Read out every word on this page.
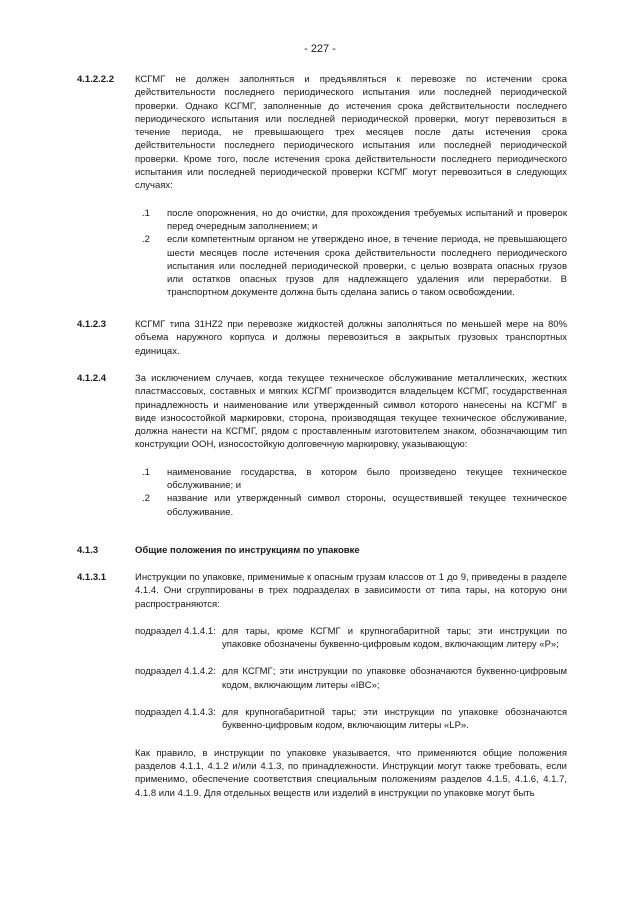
- 227 -
4.1.2.2.2 КСГМГ не должен заполняться и предъявляться к перевозке по истечении срока действительности последнего периодического испытания или последней периодической проверки. Однако КСГМГ, заполненные до истечения срока действительности последнего периодического испытания или последней периодической проверки, могут перевозиться в течение периода, не превышающего трех месяцев после даты истечения срока действительности последнего периодического испытания или последней периодической проверки. Кроме того, после истечения срока действительности последнего периодического испытания или последней периодической проверки КСГМГ могут перевозиться в следующих случаях:
.1 после опорожнения, но до очистки, для прохождения требуемых испытаний и проверок перед очередным заполнением; и
.2 если компетентным органом не утверждено иное, в течение периода, не превышающего шести месяцев после истечения срока действительности последнего периодического испытания или последней периодической проверки, с целью возврата опасных грузов или остатков опасных грузов для надлежащего удаления или переработки. В транспортном документе должна быть сделана запись о таком освобождении.
4.1.2.3	КСГМГ типа 31HZ2 при перевозке жидкостей должны заполняться по меньшей мере на 80% объема наружного корпуса и должны перевозиться в закрытых грузовых транспортных единицах.
4.1.2.4	За исключением случаев, когда текущее техническое обслуживание металлических, жестких пластмассовых, составных и мягких КСГМГ производится владельцем КСГМГ, государственная принадлежность и наименование или утвержденный символ которого нанесены на КСГМГ в виде износостойкой маркировки, сторона, производящая текущее техническое обслуживание, должна нанести на КСГМГ, рядом с проставленным изготовителем знаком, обозначающим тип конструкции ООН, износостойкую долговечную маркировку, указывающую:
.1 наименование государства, в котором было произведено текущее техническое обслуживание; и
.2 название или утвержденный символ стороны, осуществившей текущее техническое обслуживание.
4.1.3	Общие положения по инструкциям по упаковке
4.1.3.1	Инструкции по упаковке, применимые к опасным грузам классов от 1 до 9, приведены в разделе 4.1.4. Они сгруппированы в трех подразделах в зависимости от типа тары, на которую они распространяются:
подраздел 4.1.4.1: для тары, кроме КСГМГ и крупногабаритной тары; эти инструкции по упаковке обозначены буквенно-цифровым кодом, включающим литеру «P»;
подраздел 4.1.4.2: для КСГМГ; эти инструкции по упаковке обозначаются буквенно-цифровым кодом, включающим литеры «IBC»;
подраздел 4.1.4.3: для крупногабаритной тары; эти инструкции по упаковке обозначаются буквенно-цифровым кодом, включающим литеры «LP».
Как правило, в инструкции по упаковке указывается, что применяются общие положения разделов 4.1.1, 4.1.2 и/или 4.1.3, по принадлежности. Инструкции могут также требовать, если применимо, обеспечение соответствия специальным положениям разделов 4.1.5, 4.1.6, 4.1.7, 4.1.8 или 4.1.9. Для отдельных веществ или изделий в инструкции по упаковке могут быть
